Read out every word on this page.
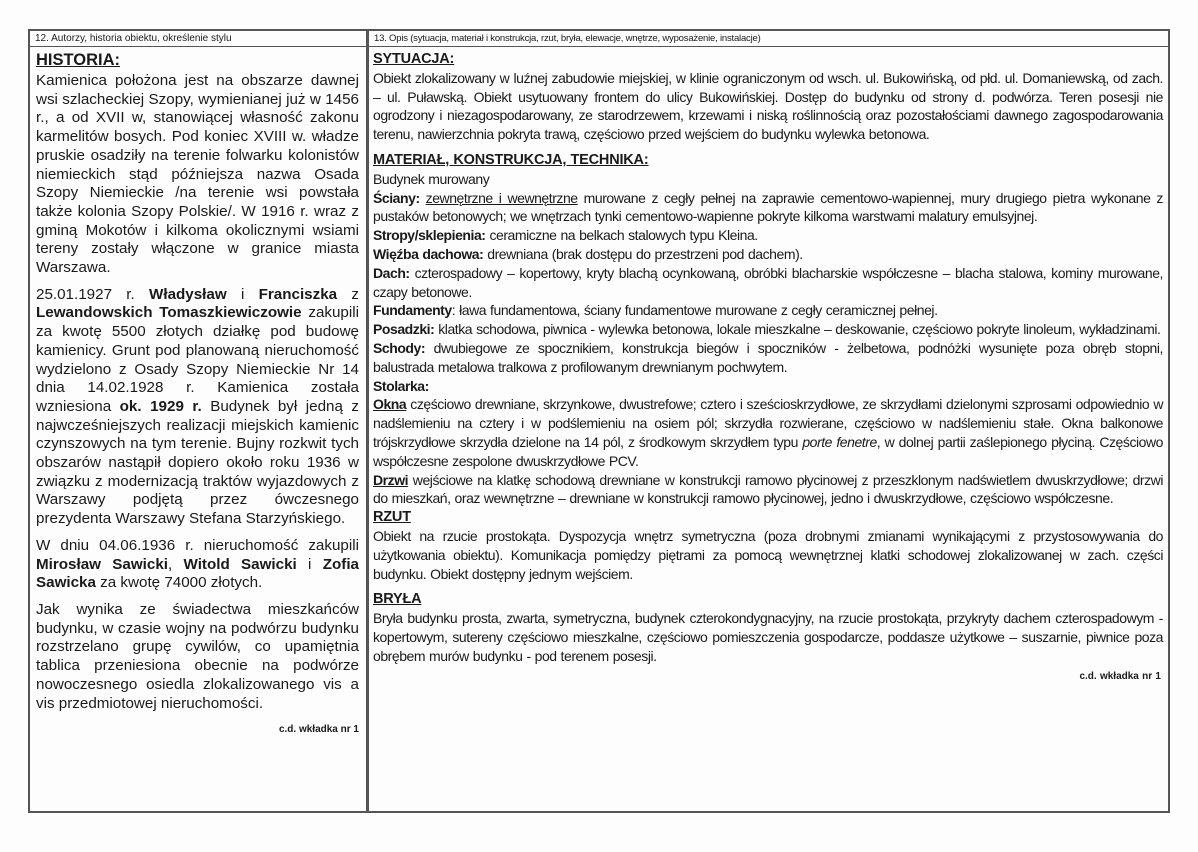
12. Autorzy, historia obiektu, określenie stylu

HISTORIA:

Kamienica położona jest na obszarze dawnej wsi szlacheckiej Szopy, wymienianej już w 1456 r., a od XVII w, stanowiącej własność zakonu karmelitów bosych. Pod koniec XVIII w. władze pruskie osadziły na terenie folwarku kolonistów niemieckich stąd późniejsza nazwa Osada Szopy Niemieckie /na terenie wsi powstała także kolonia Szopy Polskie/. W 1916 r. wraz z gminą Mokotów i kilkoma okolicznymi wsiami tereny zostały włączone w granice miasta Warszawa.

25.01.1927 r. Władysław i Franciszka z Lewandowskich Tomaszkiewiczowie zakupili za kwotę 5500 złotych działkę pod budowę kamienicy. Grunt pod planowaną nieruchomość wydzielono z Osady Szopy Niemieckie Nr 14 dnia 14.02.1928 r. Kamienica została wzniesiona ok. 1929 r. Budynek był jedną z najwcześniejszych realizacji miejskich kamienic czynszowych na tym terenie. Bujny rozkwit tych obszarów nastąpił dopiero około roku 1936 w związku z modernizacją traktów wyjazdowych z Warszawy podjętą przez ówczesnego prezydenta Warszawy Stefana Starzyńskiego.

W dniu 04.06.1936 r. nieruchomość zakupili Mirosław Sawicki, Witold Sawicki i Zofia Sawicka za kwotę 74000 złotych.

Jak wynika ze świadectwa mieszkańców budynku, w czasie wojny na podwórzu budynku rozstrzelano grupę cywilów, co upamiętnia tablica przeniesiona obecnie na podwórze nowoczesnego osiedla zlokalizowanego vis a vis przedmiotowej nieruchomości.

c.d. wkładka nr 1
13. Opis (sytuacja, materiał i konstrukcja, rzut, bryła, elewacje, wnętrze, wyposażenie, instalacje)

SYTUACJA:

Obiekt zlokalizowany w luźnej zabudowie miejskiej, w klinie ograniczonym od wsch. ul. Bukowińską, od płd. ul. Domaniewską, od zach. – ul. Puławską. Obiekt usytuowany frontem do ulicy Bukowińskiej. Dostęp do budynku od strony d. podwórza. Teren posesji nie ogrodzony i niezagospodarowany, ze starodrzewem, krzewami i niską roślinnością oraz pozostałościami dawnego zagospodarowania terenu, nawierzchnia pokryta trawą, częściowo przed wejściem do budynku wylewka betonowa.

MATERIAŁ, KONSTRUKCJA, TECHNIKA:

Budynek murowany

Ściany: zewnętrzne i wewnętrzne murowane z cegły pełnej na zaprawie cementowo-wapiennej, mury drugiego pietra wykonane z pustaków betonowych; we wnętrzach tynki cementowo-wapienne pokryte kilkoma warstwami malatury emulsyjnej.

Stropy/sklepienia: ceramiczne na belkach stalowych typu Kleina.

Więźba dachowa: drewniana (brak dostępu do przestrzeni pod dachem).

Dach: czterospadowy – kopertowy, kryty blachą ocynkowaną, obróbki blacharskie współczesne – blacha stalowa, kominy murowane, czapy betonowe.

Fundamenty: ława fundamentowa, ściany fundamentowe murowane z cegły ceramicznej pełnej.

Posadzki: klatka schodowa, piwnica - wylewka betonowa, lokale mieszkalne – deskowanie, częściowo pokryte linoleum, wykładzinami.

Schody: dwubiegowe ze spocznikiem, konstrukcja biegów i spoczników - żelbetowa, podnóżki wysunięte poza obręb stopni, balustrada metalowa tralkowa z profilowanym drewnianym pochwytem.

Stolarka:

Okna częściowo drewniane, skrzynkowe, dwustrefowe; cztero i sześcioskrzydłowe, ze skrzydłami dzielonymi szprosami odpowiednio w nadślemieniu na cztery i w podślemieniu na osiem pól; skrzydła rozwierane, częściowo w nadślemieniu stałe. Okna balkonowe trójskrzydłowe skrzydła dzielone na 14 pól, z środkowym skrzydłem typu porte fenetre, w dolnej partii zaślepionego płyciną. Częściowo współczesne zespolone dwuskrzydłowe PCV.

Drzwi wejściowe na klatkę schodową drewniane w konstrukcji ramowo płycinowej z przeszklonym nadświetlem dwuskrzydłowe; drzwi do mieszkań, oraz wewnętrzne – drewniane w konstrukcji ramowo płycinowej, jedno i dwuskrzydłowe, częściowo współczesne.

RZUT

Obiekt na rzucie prostokąta. Dyspozycja wnętrz symetryczna (poza drobnymi zmianami wynikającymi z przystosowywania do użytkowania obiektu). Komunikacja pomiędzy piętrami za pomocą wewnętrznej klatki schodowej zlokalizowanej w zach. części budynku. Obiekt dostępny jednym wejściem.

BRYŁA

Bryła budynku prosta, zwarta, symetryczna, budynek czterokondygnacyjny, na rzucie prostokąta, przykryty dachem czterospadowym - kopertowym, sutereny częściowo mieszkalne, częściowo pomieszczenia gospodarcze, poddasze użytkowe – suszarnie, piwnice poza obrębem murów budynku - pod terenem posesji.

c.d. wkładka nr 1
